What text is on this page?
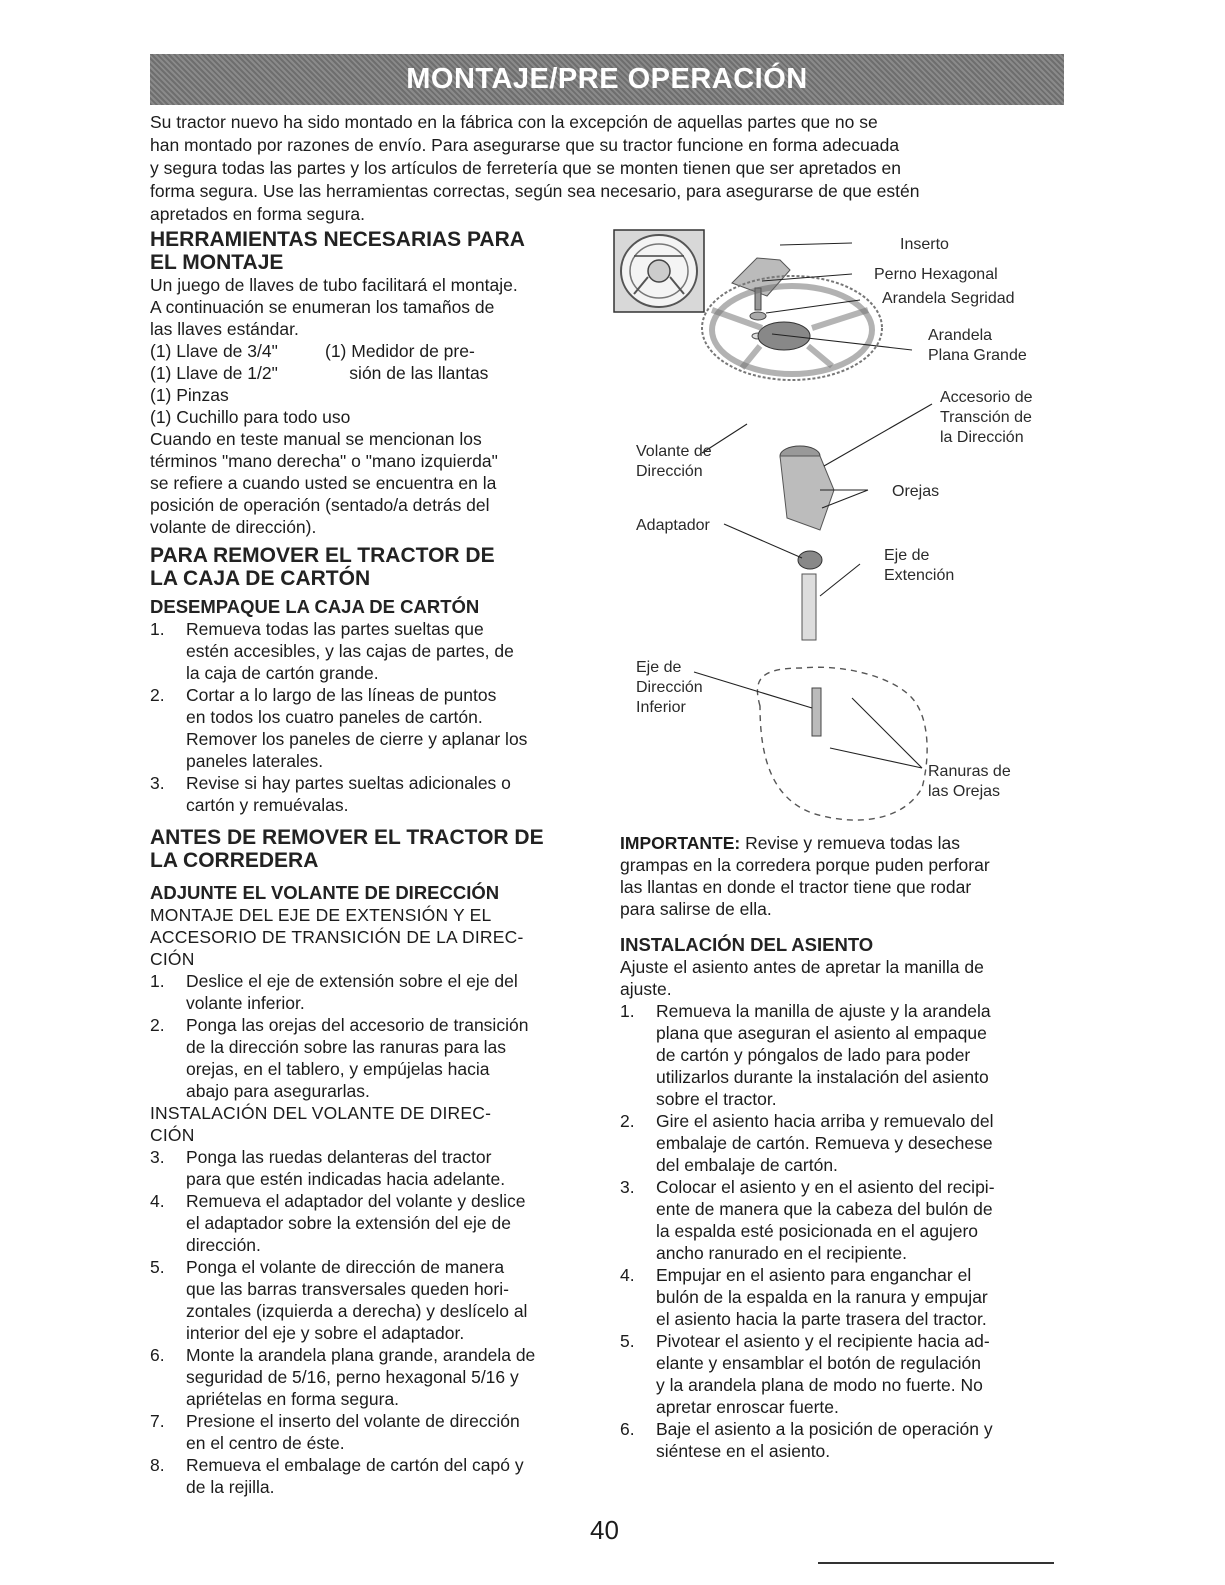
MONTAJE/PRE OPERACIÓN

Su tractor nuevo ha sido montado en la fábrica con la excepción de aquellas partes que no se

han montado por razones de envío. Para asegurarse que su tractor funcione en forma adecuada

y segura todas las partes y los artículos de ferretería que se monten tienen que ser apretados en

forma segura. Use las herramientas correctas, según sea necesario, para asegurarse de que estén

apretados en forma segura.

HERRAMIENTAS NECESARIAS PARA
EL MONTAJE

Un juego de llaves de tubo facilitará el montaje.

A continuación se enumeran los tamaños de

las llaves estándar.

(1) Llave de 3/4"

(1) Llave de 1/2"

(1) Pinzas

(1) Medidor de pre-

sión de las llantas

(1) Cuchillo para todo uso

Cuando en teste manual se mencionan los

términos "mano derecha" o "mano izquierda"

se refiere a cuando usted se encuentra en la

posición de operación (sentado/a detrás del

volante de dirección).

PARA REMOVER EL TRACTOR DE
LA CAJA DE CARTÓN
DESEMPAQUE LA CAJA DE CARTÓN
1. Remueva todas las partes sueltas que
estén accesibles, y las cajas de partes, de
la caja de cartón grande.
2. Cortar a lo largo de las líneas de puntos
en todos los cuatro paneles de cartón.
Remover los paneles de cierre y aplanar los
paneles laterales.
3. Revise si hay partes sueltas adicionales o
cartón y remuévalas.
ANTES DE REMOVER EL TRACTOR DE
LA CORREDERA
ADJUNTE EL VOLANTE DE DIRECCIÓN
MONTAJE DEL EJE DE EXTENSIÓN Y EL
ACCESORIO DE TRANSICIÓN DE LA DIREC-
CIÓN
1. Deslice el eje de extensión sobre el eje del
volante inferior.
2. Ponga las orejas del accesorio de transición
de la dirección sobre las ranuras para las
orejas, en el tablero, y empújelas hacia
abajo para asegurarlas.
INSTALACIÓN DEL VOLANTE DE DIREC-
CIÓN
3. Ponga las ruedas delanteras del tractor
para que estén indicadas hacia adelante.
4. Remueva el adaptador del volante y deslice
el adaptador sobre la extensión del eje de
dirección.
5. Ponga el volante de dirección de manera
que las barras transversales queden hori-
zontales (izquierda a derecha) y deslícelo al
interior del eje y sobre el adaptador.
6. Monte la arandela plana grande, arandela de
seguridad de 5/16, perno hexagonal 5/16 y
apriételas en forma segura.
7. Presione el inserto del volante de dirección
en el centro de éste.
8. Remueva el embalage de cartón del capó y
de la rejilla.
Inserto
Perno Hexagonal
Arandela Segridad
Arandela
Plana Grande
Accesorio de
Transción de
la Dirección
Volante de
Dirección
Orejas
Adaptador
Eje de
Extención
Eje de
Dirección
Inferior
Ranuras de
las Orejas

IMPORTANTE: Revise y remueva todas las

grampas en la corredera porque puden perforar

las llantas en donde el tractor tiene que rodar

para salirse de ella.

INSTALACIÓN DEL ASIENTO

Ajuste el asiento antes de apretar la manilla de

ajuste.

1. Remueva la manilla de ajuste y la arandela
plana que aseguran el asiento al empaque
de cartón y póngalos de lado para poder
utilizarlos durante la instalación del asiento
sobre el tractor.
2. Gire el asiento hacia arriba y remuevalo del
embalaje de cartón. Remueva y desechese
del embalaje de cartón.
3. Colocar el asiento y en el asiento del recipi-
ente de manera que la cabeza del bulón de
la espalda esté posicionada en el agujero
ancho ranurado en el recipiente.
4. Empujar en el asiento para enganchar el
bulón de la espalda en la ranura y empujar
el asiento hacia la parte trasera del tractor.
5. Pivotear el asiento y el recipiente hacia ad-
elante y ensamblar el botón de regulación
y la arandela plana de modo no fuerte. No
apretar enroscar fuerte.
6. Baje el asiento a la posición de operación y
siéntese en el asiento.
40
